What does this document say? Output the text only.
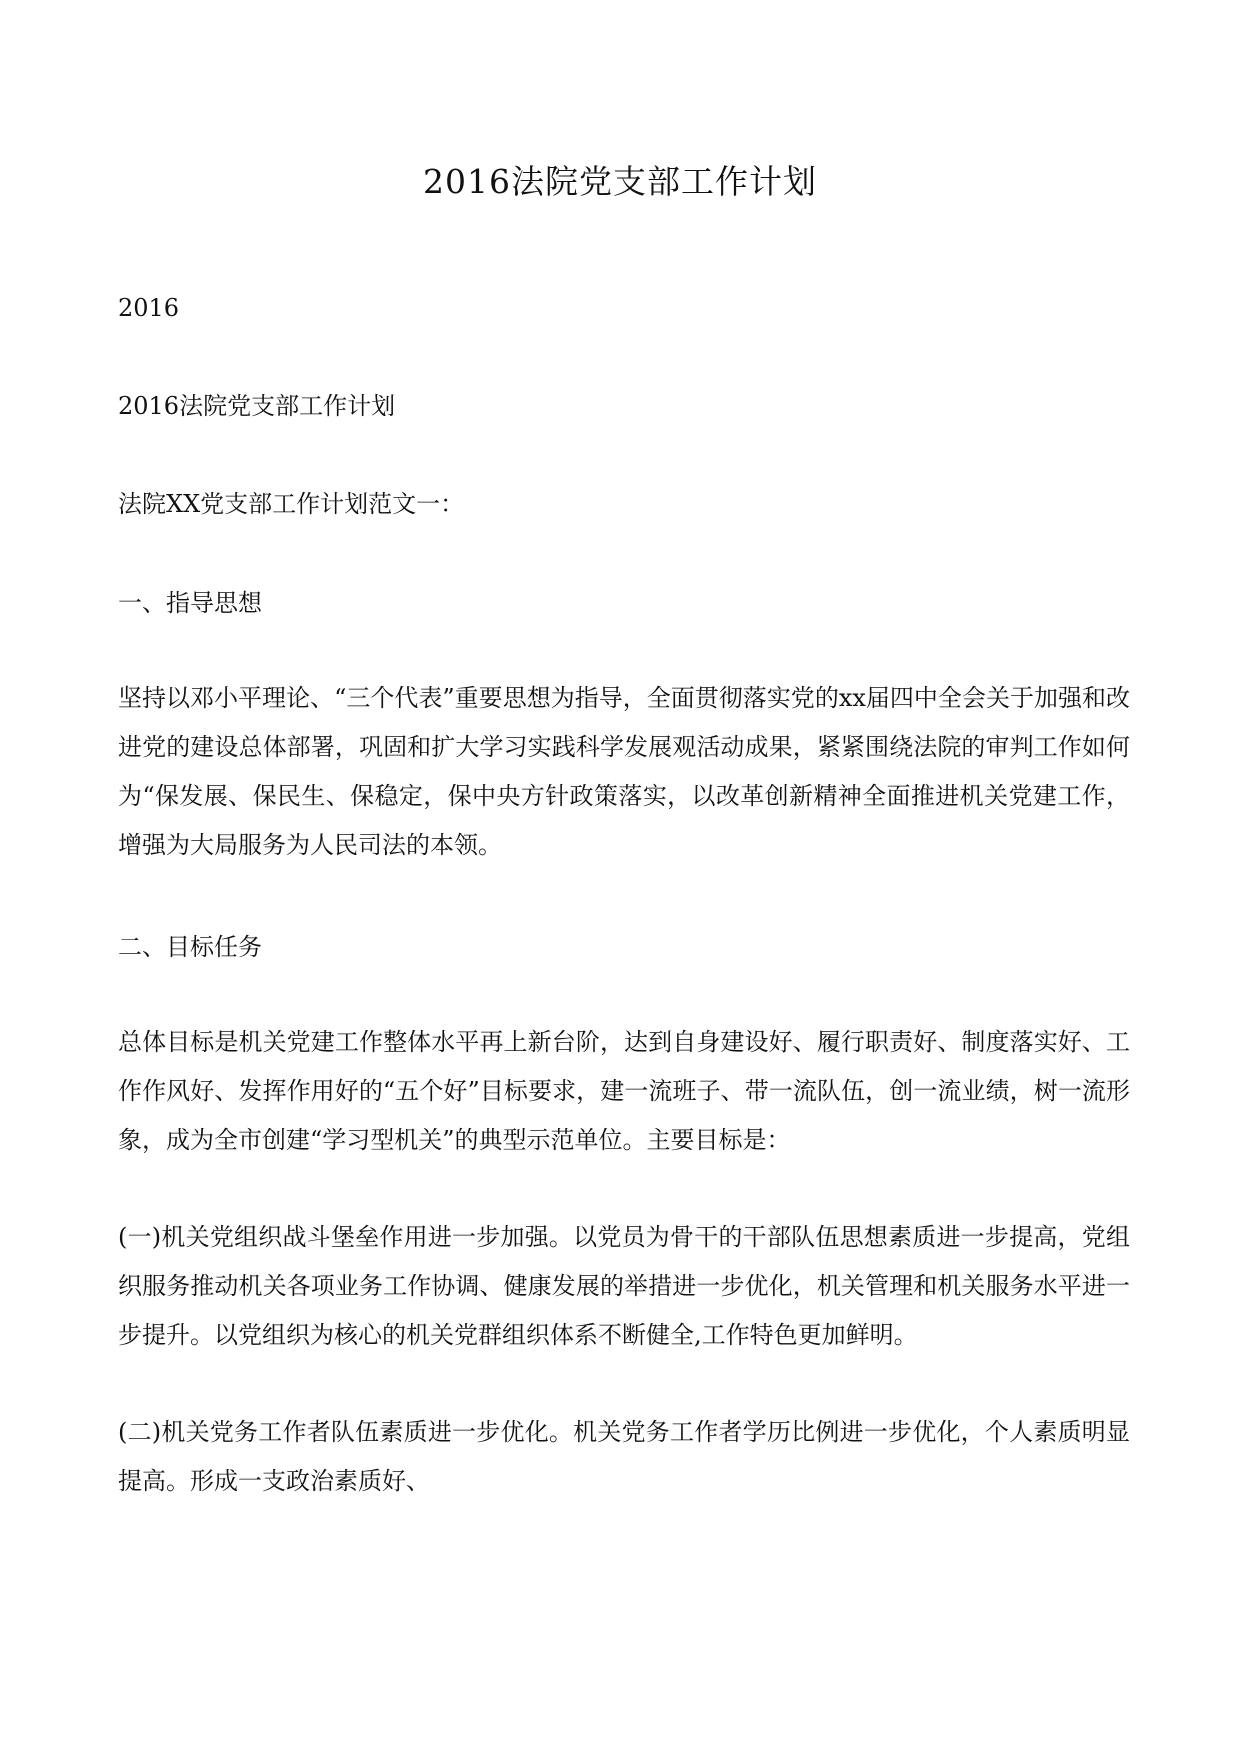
2016法院党支部工作计划

2016

2016法院党支部工作计划

法院XX党支部工作计划范文一：

一、指导思想

坚持以邓小平理论、“三个代表”重要思想为指导，全面贯彻落实党的xx届四中全会关于加强和改进党的建设总体部署，巩固和扩大学习实践科学发展观活动成果，紧紧围绕法院的审判工作如何为“保发展、保民生、保稳定，保中央方针政策落实，以改革创新精神全面推进机关党建工作，增强为大局服务为人民司法的本领。

二、目标任务

总体目标是机关党建工作整体水平再上新台阶，达到自身建设好、履行职责好、制度落实好、工作作风好、发挥作用好的“五个好”目标要求，建一流班子、带一流队伍，创一流业绩，树一流形象，成为全市创建“学习型机关”的典型示范单位。主要目标是：

(一)机关党组织战斗堡垒作用进一步加强。以党员为骨干的干部队伍思想素质进一步提高，党组织服务推动机关各项业务工作协调、健康发展的举措进一步优化，机关管理和机关服务水平进一步提升。以党组织为核心的机关党群组织体系不断健全,工作特色更加鲜明。

(二)机关党务工作者队伍素质进一步优化。机关党务工作者学历比例进一步优化，个人素质明显提高。形成一支政治素质好、
